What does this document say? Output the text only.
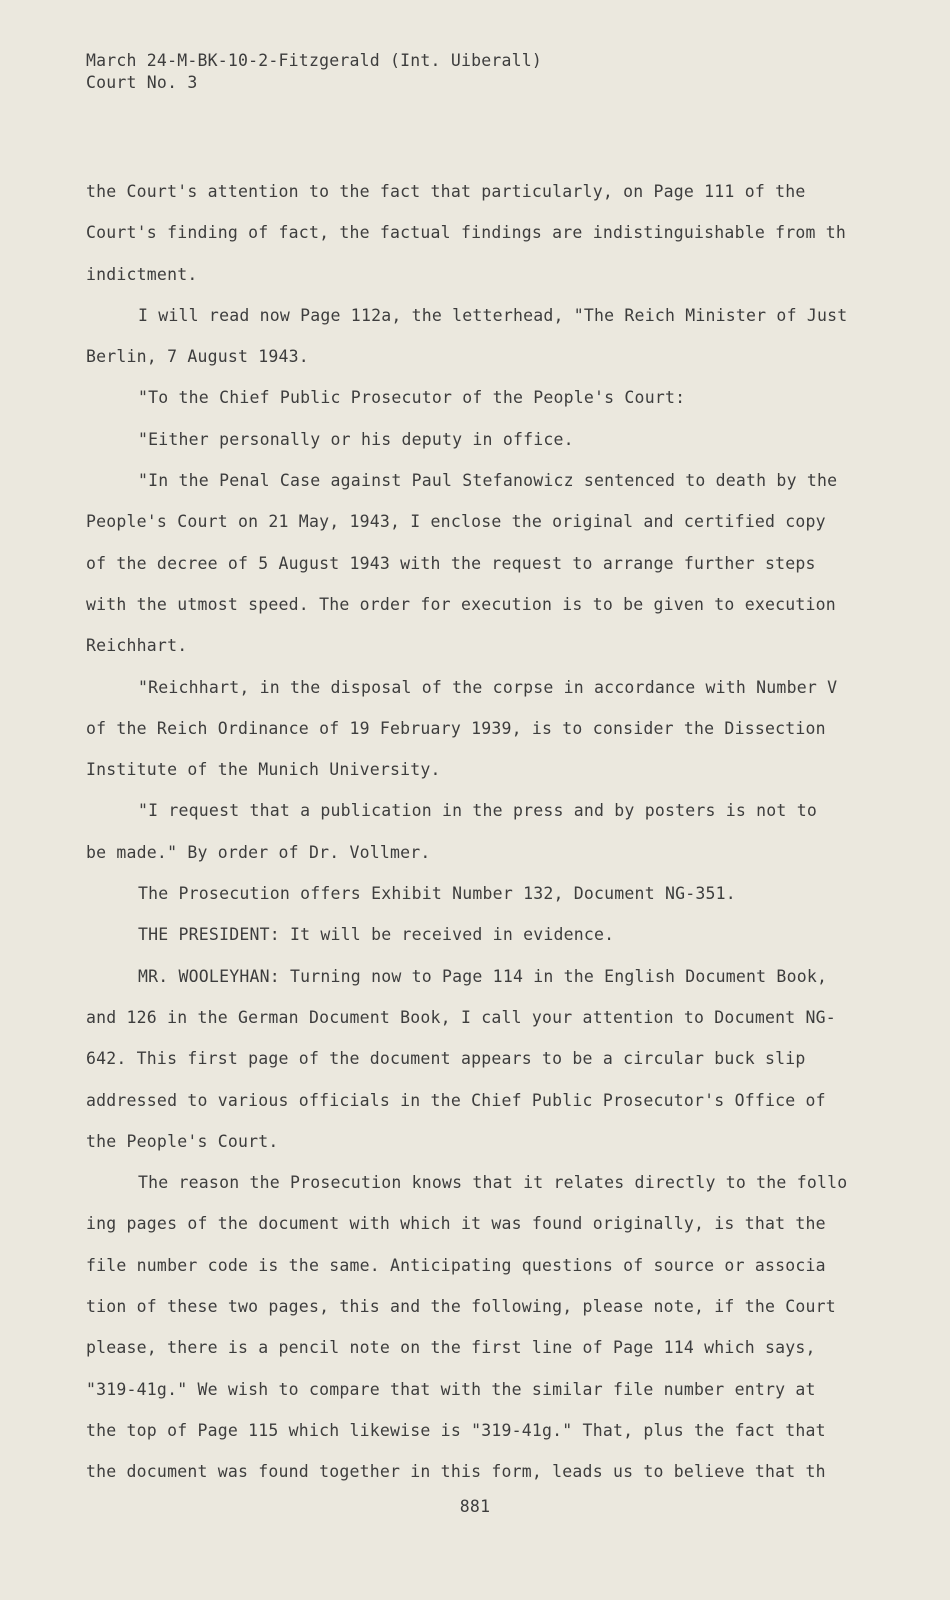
March 24-M-BK-10-2-Fitzgerald (Int. Uiberall)
Court No. 3
the Court's attention to the fact that particularly, on Page 111 of the
Court's finding of fact, the factual findings are indistinguishable from th
indictment.
I will read now Page 112a, the letterhead, "The Reich Minister of Just
Berlin, 7 August 1943.
"To the Chief Public Prosecutor of the People's Court:
"Either personally or his deputy in office.
"In the Penal Case against Paul Stefanowicz sentenced to death by the
People's Court on 21 May, 1943, I enclose the original and certified copy
of the decree of 5 August 1943 with the request to arrange further steps
with the utmost speed. The order for execution is to be given to execution
Reichhart.
"Reichhart, in the disposal of the corpse in accordance with Number V
of the Reich Ordinance of 19 February 1939, is to consider the Dissection
Institute of the Munich University.
"I request that a publication in the press and by posters is not to
be made." By order of Dr. Vollmer.
The Prosecution offers Exhibit Number 132, Document NG-351.
THE PRESIDENT: It will be received in evidence.
MR. WOOLEYHAN: Turning now to Page 114 in the English Document Book,
and 126 in the German Document Book, I call your attention to Document NG-
642. This first page of the document appears to be a circular buck slip
addressed to various officials in the Chief Public Prosecutor's Office of
the People's Court.
The reason the Prosecution knows that it relates directly to the follo
ing pages of the document with which it was found originally, is that the
file number code is the same. Anticipating questions of source or associa
tion of these two pages, this and the following, please note, if the Court
please, there is a pencil note on the first line of Page 114 which says,
"319-41g." We wish to compare that with the similar file number entry at
the top of Page 115 which likewise is "319-41g." That, plus the fact that
the document was found together in this form, leads us to believe that th
881
